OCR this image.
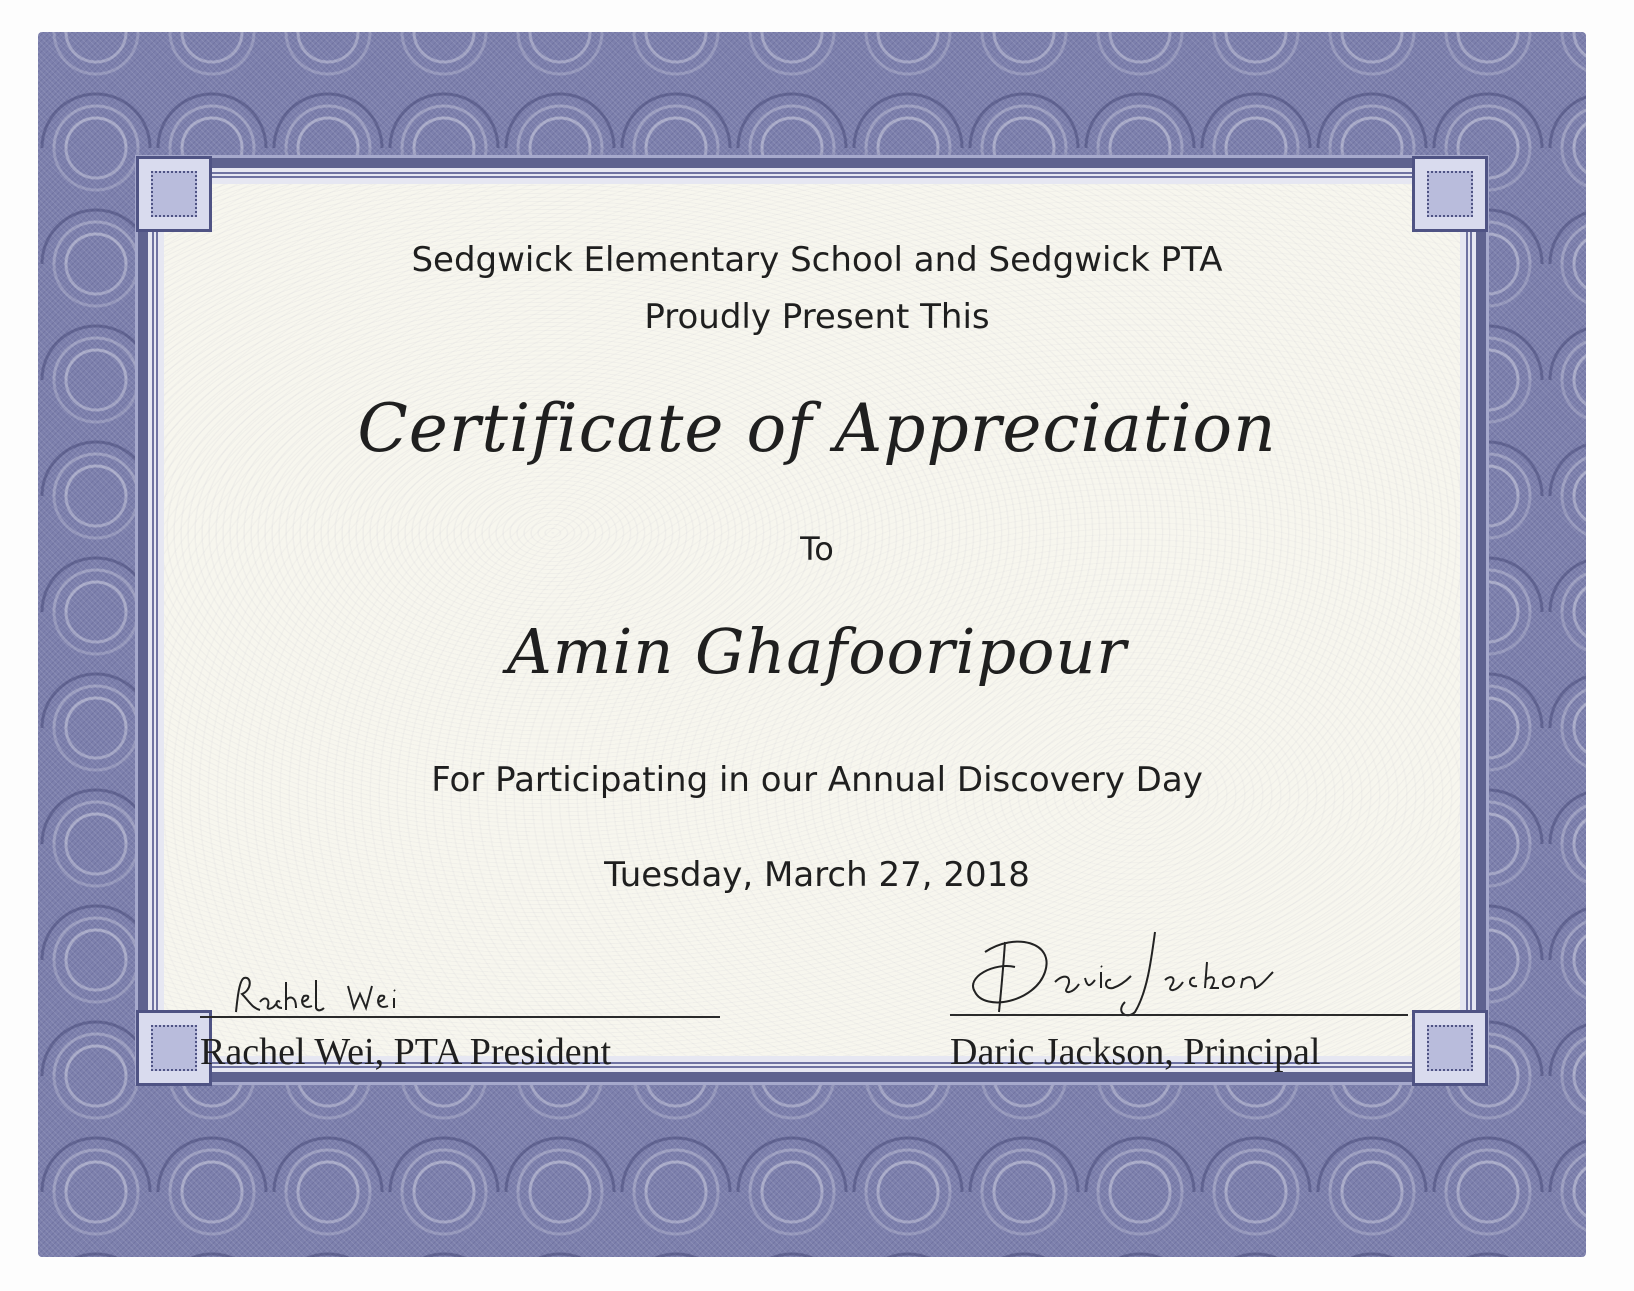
Sedgwick Elementary School and Sedgwick PTA
Proudly Present This
Certificate of Appreciation
To
Amin Ghafooripour
For Participating in our Annual Discovery Day
Tuesday, March 27, 2018
Rachel Wei, PTA President	Daric Jackson, Principal
